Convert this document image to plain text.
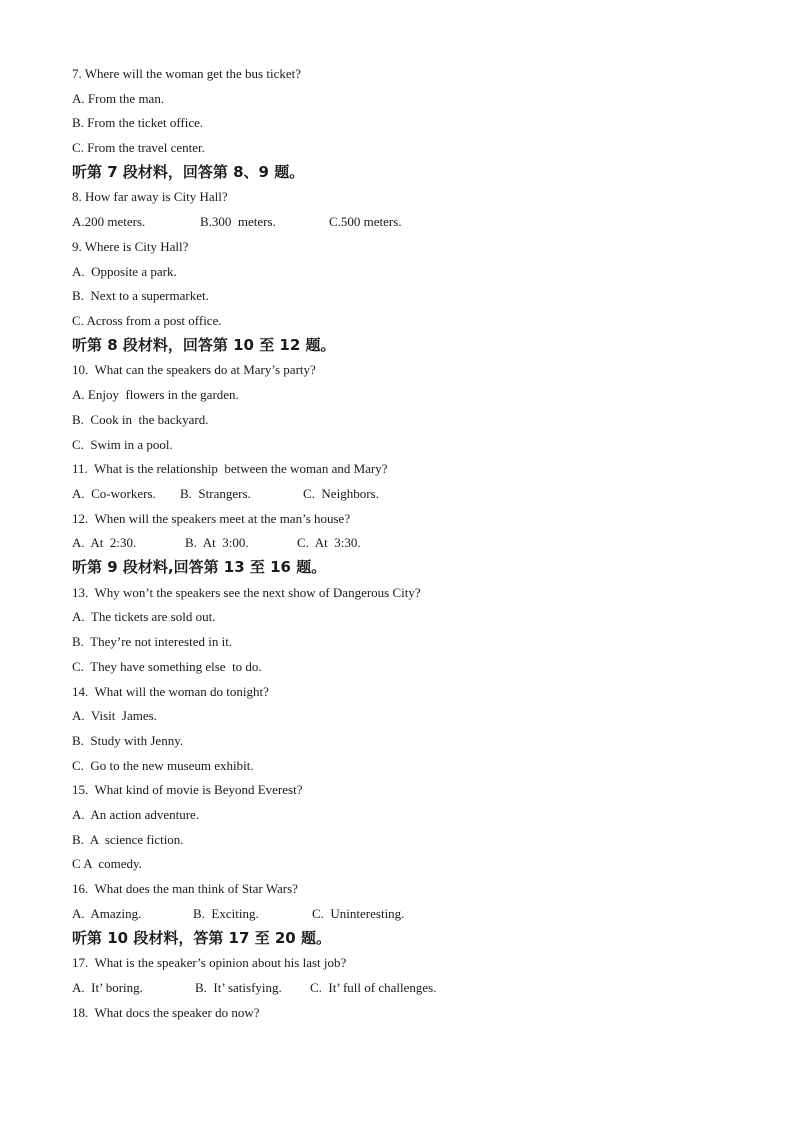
7. Where will the woman get the bus ticket?
A. From the man.
B. From the ticket office.
C. From the travel center.
听第 7 段材料，回答第 8、9 题。
8. How far away is City Hall?
A.200 meters.	B.300  meters.	C.500 meters.
9. Where is City Hall?
A.  Opposite a park.
B.  Next to a supermarket.
C. Across from a post office.
听第 8 段材料，回答第 10 至 12 题。
10.  What can the speakers do at Mary’s party?
A. Enjoy  flowers in the garden.
B.  Cook in  the backyard.
C.  Swim in a pool.
11.  What is the relationship  between the woman and Mary?
A.  Co-workers. B.  Strangers.	C.  Neighbors.
12.  When will the speakers meet at the man’s house?
A.  At  2:30.	B.  At  3:00.	C.  At  3:30.
听第 9 段材料,回答第 13 至 16 题。
13.  Why won’t the speakers see the next show of Dangerous City?
A.  The tickets are sold out.
B.  They’re not interested in it.
C.  They have something else  to do.
14.  What will the woman do tonight?
A.  Visit  James.
B.  Study with Jenny.
C.  Go to the new museum exhibit.
15.  What kind of movie is Beyond Everest?
A.  An action adventure.
B.  A  science fiction.
C A  comedy.
16.  What does the man think of Star Wars?
A.  Amazing.	B.  Exciting.	C.  Uninteresting.
听第 10 段材料，答第 17 至 20 题。
17.  What is the speaker’s opinion about his last job?
A.  It’ boring.	B.  It’ satisfying. C.  It’ full of challenges.
18.  What docs the speaker do now?
